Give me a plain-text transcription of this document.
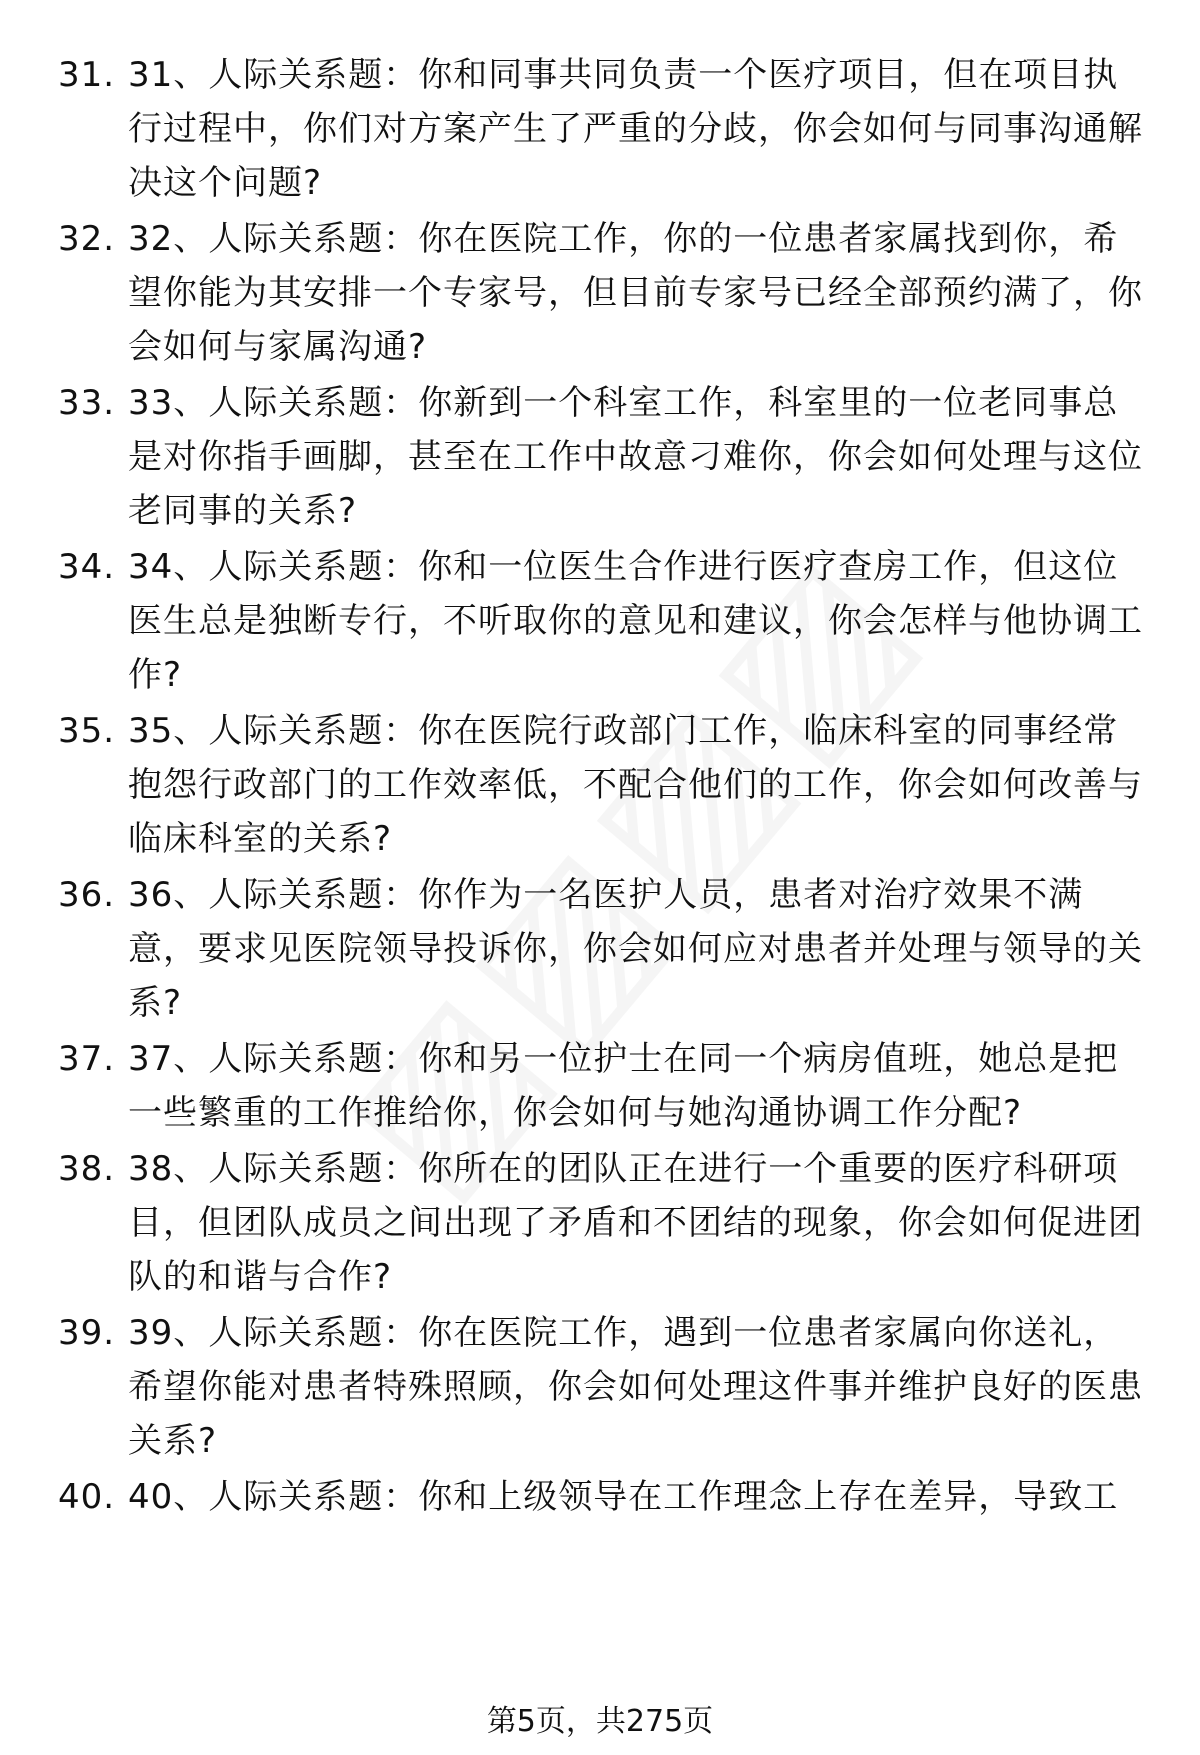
31. 31、人际关系题：你和同事共同负责一个医疗项目，但在项目执行过程中，你们对方案产生了严重的分歧，你会如何与同事沟通解决这个问题?
32. 32、人际关系题：你在医院工作，你的一位患者家属找到你，希望你能为其安排一个专家号，但目前专家号已经全部预约满了，你会如何与家属沟通?
33. 33、人际关系题：你新到一个科室工作，科室里的一位老同事总是对你指手画脚，甚至在工作中故意刁难你，你会如何处理与这位老同事的关系?
34. 34、人际关系题：你和一位医生合作进行医疗查房工作，但这位医生总是独断专行，不听取你的意见和建议，你会怎样与他协调工作?
35. 35、人际关系题：你在医院行政部门工作，临床科室的同事经常抱怨行政部门的工作效率低，不配合他们的工作，你会如何改善与临床科室的关系?
36. 36、人际关系题：你作为一名医护人员，患者对治疗效果不满意，要求见医院领导投诉你，你会如何应对患者并处理与领导的关系?
37. 37、人际关系题：你和另一位护士在同一个病房值班，她总是把一些繁重的工作推给你，你会如何与她沟通协调工作分配?
38. 38、人际关系题：你所在的团队正在进行一个重要的医疗科研项目，但团队成员之间出现了矛盾和不团结的现象，你会如何促进团队的和谐与合作?
39. 39、人际关系题：你在医院工作，遇到一位患者家属向你送礼，希望你能对患者特殊照顾，你会如何处理这件事并维护良好的医患关系?
40. 40、人际关系题：你和上级领导在工作理念上存在差异，导致工
第5页，共275页
